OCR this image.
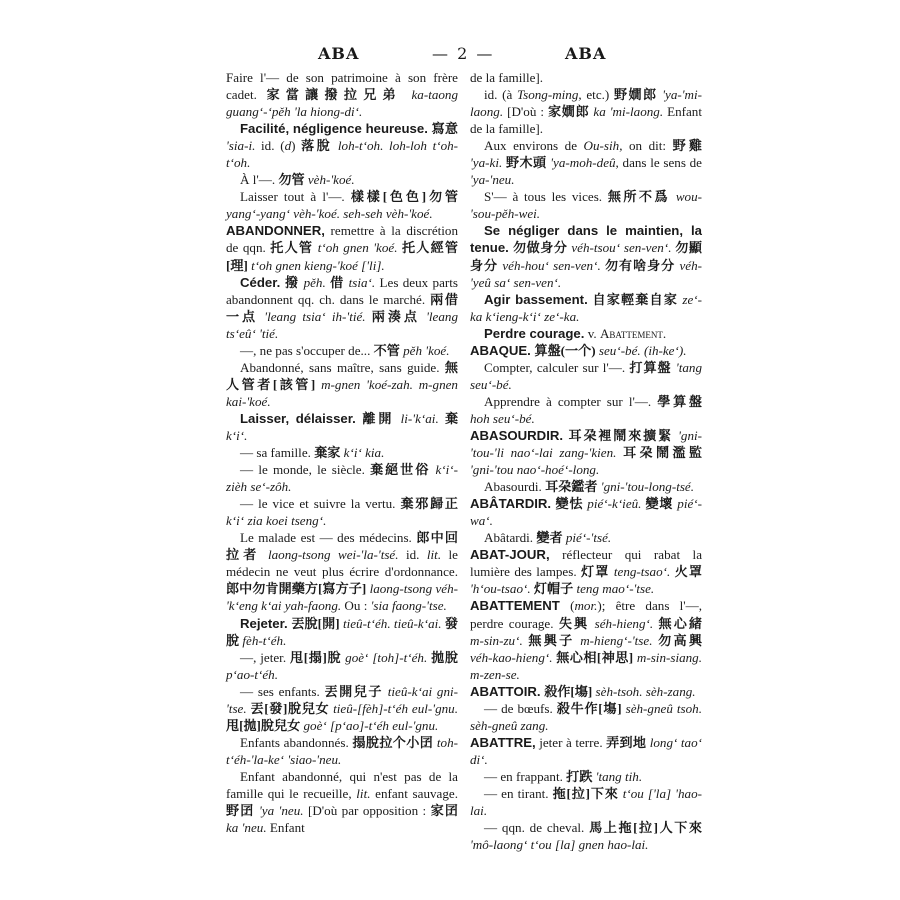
ABA	— 2 —	ABA

Faire l'— de son patrimoine à son frère cadet. 家當讓撥拉兄弟 ka-taong guang‘-‘pěh 'la hiong-di‘.

Facilité, négligence heureuse. 寫意 'sia-i. id. (d) 落脫 loh-t‘oh. loh-loh t‘oh-t‘oh.

À l'—. 勿管 vèh-'koé.

Laisser tout à l'—. 樣樣[色色]勿管 yang‘-yang‘ vèh-'koé. seh-seh vèh-'koé.

ABANDONNER, remettre à la discrétion de qqn. 托人管 t‘oh gnen 'koé. 托人經管[理] t‘oh gnen kieng-'koé ['li].

Céder. 撥 pěh. 借 tsia‘. Les deux parts abandonnent qq. ch. dans le marché. 兩借一点 'leang tsia‘ ih-'tié. 兩湊点 'leang ts‘eû‘ 'tié.

—, ne pas s'occuper de... 不管 pěh 'koé.

Abandonné, sans maître, sans guide. 無人管者[該管] m-gnen 'koé-zah. m-gnen kai-'koé.

Laisser, délaisser. 離開 li-'k‘ai. 棄 k‘i‘.

— sa famille. 棄家 k‘i‘ kia.

— le monde, le siècle. 棄絕世俗 k‘i‘-zièh se‘-zôh.

— le vice et suivre la vertu. 棄邪歸正 k‘i‘ zia koei tseng‘.

Le malade est — des médecins. 郎中回拉者 laong-tsong wei-'la-'tsé. id. lit. le médecin ne veut plus écrire d'ordonnance. 郎中勿肯開藥方[寫方子] laong-tsong véh-'k‘eng k‘ai yah-faong. Ou : 'sia faong-'tse.

Rejeter. 丟脫[開] tieû-t‘éh. tieû-k‘ai. 發脫 fèh-t‘éh.

—, jeter. 甩[搨]脫 goè‘ [toh]-t‘éh. 拋脫 p‘ao-t‘éh.

— ses enfants. 丟開兒子 tieû-k‘ai gni-'tse. 丟[發]脫兒女 tieû-[fèh]-t‘éh eul-'gnu. 甩[拋]脫兒女 goè‘ [p‘ao]-t‘éh eul-'gnu.

Enfants abandonnés. 搨脫拉个小囝 toh-t‘éh-'la-ke‘ 'siao-'neu.

Enfant abandonné, qui n'est pas de la famille qui le recueille, lit. enfant sauvage. 野囝 'ya 'neu. [D'où par opposition : 家囝 ka 'neu. Enfant

de la famille].

id. (à Tsong-ming, etc.) 野嫺郎 'ya-'mi-laong. [D'où : 家嫺郎 ka 'mi-laong. Enfant de la famille].

Aux environs de Ou-sih, on dit: 野雞 'ya-ki. 野木頭 'ya-moh-deû, dans le sens de 'ya-'neu.

S'— à tous les vices. 無所不爲 wou-'sou-pěh-wei.

Se négliger dans le maintien, la tenue. 勿做身分 véh-tsou‘ sen-ven‘. 勿顯身分 véh-hou‘ sen-ven‘. 勿有啥身分 véh-'yeû sa‘ sen-ven‘.

Agir bassement. 自家輕棄自家 ze‘-ka k‘ieng-k‘i‘ ze‘-ka.

Perdre courage. v. Abattement.

ABAQUE. 算盤(一个) seu‘-bé. (ih-ke‘).

Compter, calculer sur l'—. 打算盤 'tang seu‘-bé.

Apprendre à compter sur l'—. 學算盤 hoh seu‘-bé.

ABASOURDIR. 耳朶裡鬧來擴緊 'gni-'tou-'li nao‘-lai zang-'kien. 耳朶鬧濫監 'gni-'tou nao‘-hoé‘-long.

Abasourdi. 耳朶鑑者 'gni-'tou-long-tsé.

ABÂTARDIR. 變怯 pié‘-k‘ieû. 變壞 pié‘-wa‘.

Abâtardi. 變者 pié‘-'tsé.

ABAT-JOUR, réflecteur qui rabat la lumière des lampes. 灯罩 teng-tsao‘. 火罩 'h‘ou-tsao‘. 灯帽子 teng mao‘-'tse.

ABATTEMENT (mor.); être dans l'—, perdre courage. 失興 séh-hieng‘. 無心緒 m-sin-zu‘. 無興子 m-hieng‘-'tse. 勿高興 véh-kao-hieng‘. 無心相[神思] m-sin-siang. m-zen-se.

ABATTOIR. 殺作[塲] sèh-tsoh. sèh-zang.

— de bœufs. 殺牛作[塲] sèh-gneû tsoh. sèh-gneû zang.

ABATTRE, jeter à terre. 弄到地 long‘ tao‘ di‘.

— en frappant. 打跌 'tang tih.

— en tirant. 拖[拉]下來 t‘ou ['la] 'hao-lai.

— qqn. de cheval. 馬上拖[拉]人下來 'mô-laong‘ t‘ou [la] gnen hao-lai.
